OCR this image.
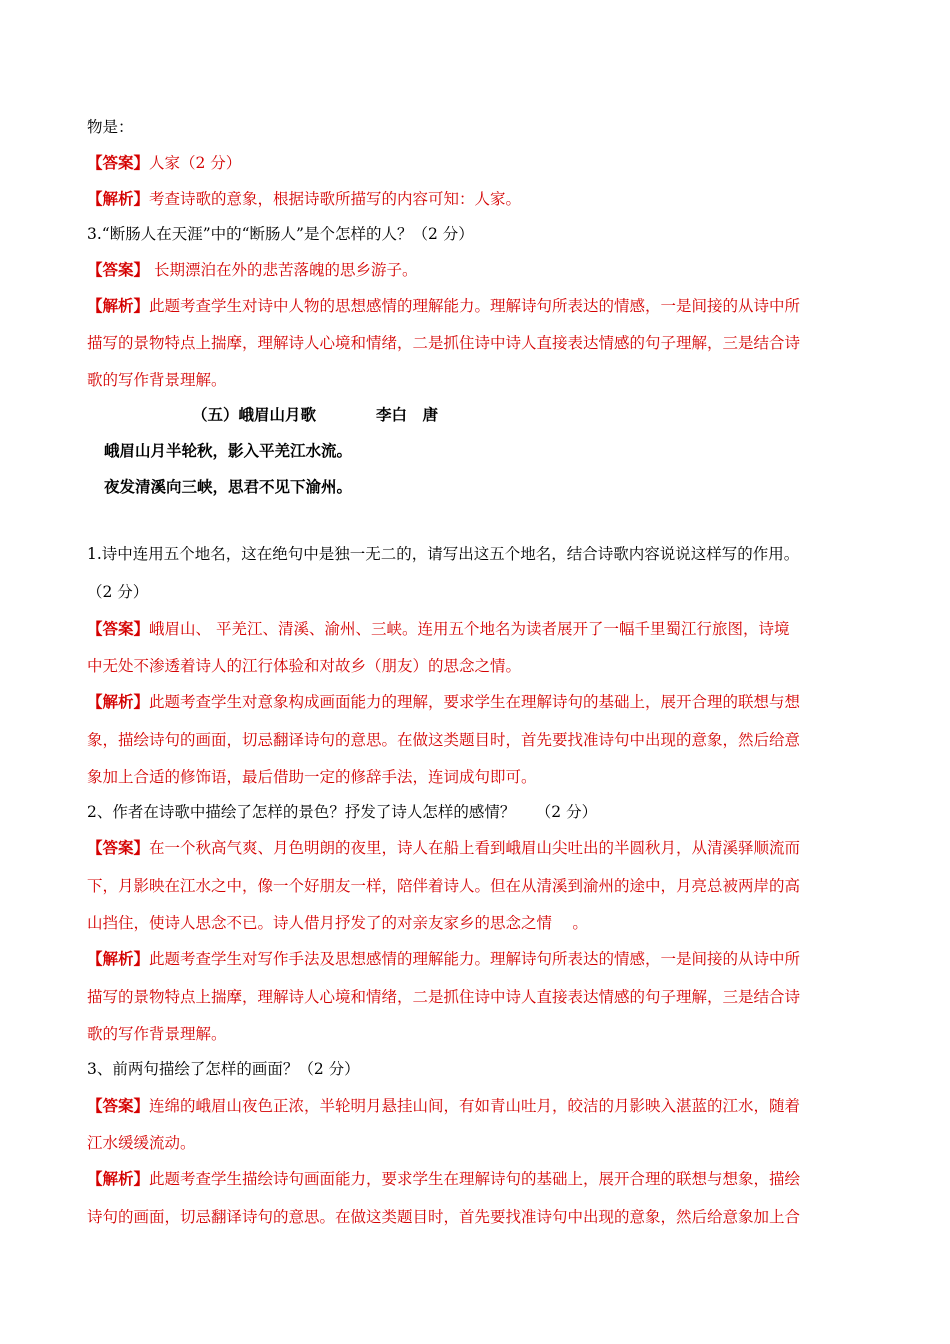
物是：
【答案】人家（2 分）
【解析】考查诗歌的意象，根据诗歌所描写的内容可知：人家。
3.“断肠人在天涯”中的“断肠人”是个怎样的人？（2 分）
【答案】 长期漂泊在外的悲苦落魄的思乡游子。
【解析】此题考查学生对诗中人物的思想感情的理解能力。理解诗句所表达的情感，一是间接的从诗中所
描写的景物特点上揣摩，理解诗人心境和情绪，二是抓住诗中诗人直接表达情感的句子理解，三是结合诗
歌的写作背景理解。
（五）峨眉山月歌	李白　唐
峨眉山月半轮秋，影入平羌江水流。
夜发清溪向三峡，思君不见下渝州。
1.诗中连用五个地名，这在绝句中是独一无二的，请写出这五个地名，结合诗歌内容说说这样写的作用。
（2 分）
【答案】峨眉山、 平羌江、清溪、渝州、三峡。连用五个地名为读者展开了一幅千里蜀江行旅图，诗境
中无处不渗透着诗人的江行体验和对故乡（朋友）的思念之情。
【解析】此题考查学生对意象构成画面能力的理解，要求学生在理解诗句的基础上，展开合理的联想与想
象，描绘诗句的画面，切忌翻译诗句的意思。在做这类题目时，首先要找准诗句中出现的意象，然后给意
象加上合适的修饰语，最后借助一定的修辞手法，连词成句即可。
2、作者在诗歌中描绘了怎样的景色？抒发了诗人怎样的感情？　 （2 分）
【答案】在一个秋高气爽、月色明朗的夜里，诗人在船上看到峨眉山尖吐出的半圆秋月，从清溪驿顺流而
下，月影映在江水之中，像一个好朋友一样，陪伴着诗人。但在从清溪到渝州的途中，月亮总被两岸的高
山挡住，使诗人思念不已。诗人借月抒发了的对亲友家乡的思念之情　 。
【解析】此题考查学生对写作手法及思想感情的理解能力。理解诗句所表达的情感，一是间接的从诗中所
描写的景物特点上揣摩，理解诗人心境和情绪，二是抓住诗中诗人直接表达情感的句子理解，三是结合诗
歌的写作背景理解。
3、前两句描绘了怎样的画面？（2 分）
【答案】连绵的峨眉山夜色正浓，半轮明月悬挂山间，有如青山吐月，皎洁的月影映入湛蓝的江水，随着
江水缓缓流动。
【解析】此题考查学生描绘诗句画面能力，要求学生在理解诗句的基础上，展开合理的联想与想象，描绘
诗句的画面，切忌翻译诗句的意思。在做这类题目时，首先要找准诗句中出现的意象，然后给意象加上合
